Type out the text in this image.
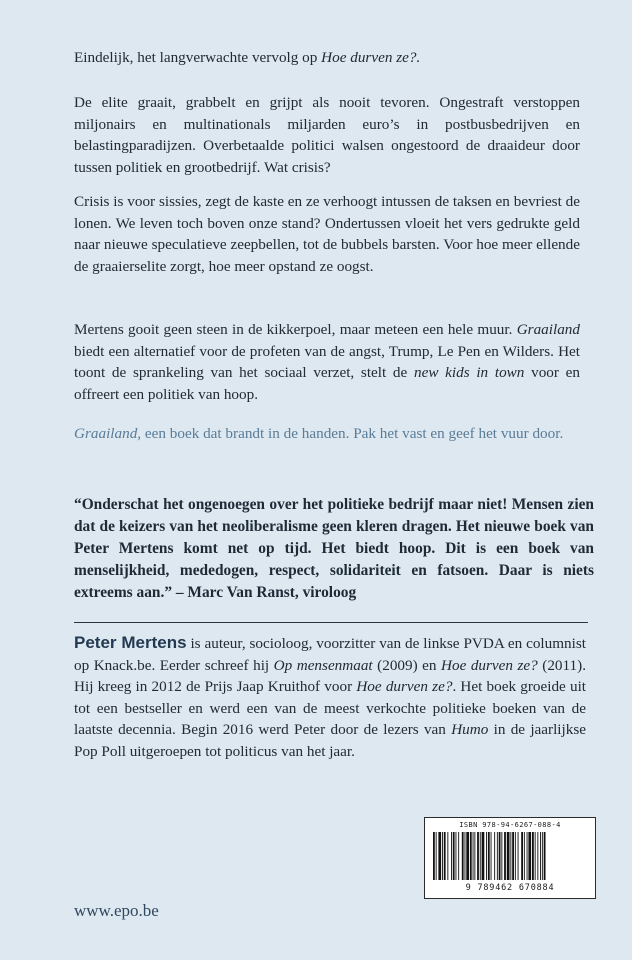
Eindelijk, het langverwachte vervolg op Hoe durven ze?.

De elite graait, grabbelt en grijpt als nooit tevoren. Ongestraft verstoppen miljonairs en multinationals miljarden euro’s in postbusbedrijven en belastingparadijzen. Overbetaalde politici walsen ongestoord de draaideur door tussen politiek en grootbedrijf. Wat crisis?

Crisis is voor sissies, zegt de kaste en ze verhoogt intussen de taksen en bevriest de lonen. We leven toch boven onze stand? Ondertussen vloeit het vers gedrukte geld naar nieuwe speculatieve zeepbellen, tot de bubbels barsten. Voor hoe meer ellende de graaierselite zorgt, hoe meer opstand ze oogst.

Mertens gooit geen steen in de kikkerpoel, maar meteen een hele muur. Graailand biedt een alternatief voor de profeten van de angst, Trump, Le Pen en Wilders. Het toont de sprankeling van het sociaal verzet, stelt de new kids in town voor en offreert een politiek van hoop.

Graailand, een boek dat brandt in de handen. Pak het vast en geef het vuur door.

“Onderschat het ongenoegen over het politieke bedrijf maar niet! Mensen zien dat de keizers van het neoliberalisme geen kleren dragen. Het nieuwe boek van Peter Mertens komt net op tijd. Het biedt hoop. Dit is een boek van menselijkheid, mededogen, respect, solidariteit en fatsoen. Daar is niets extreems aan.” – Marc Van Ranst, viroloog

Peter Mertens is auteur, socioloog, voorzitter van de linkse PVDA en columnist op Knack.be. Eerder schreef hij Op mensenmaat (2009) en Hoe durven ze? (2011). Hij kreeg in 2012 de Prijs Jaap Kruithof voor Hoe durven ze?. Het boek groeide uit tot een bestseller en werd een van de meest verkochte politieke boeken van de laatste decennia. Begin 2016 werd Peter door de lezers van Humo in de jaarlijkse Pop Poll uitgeroepen tot politicus van het jaar.

ISBN 978-94-6267-088-4
9 789462 670884
www.epo.be
